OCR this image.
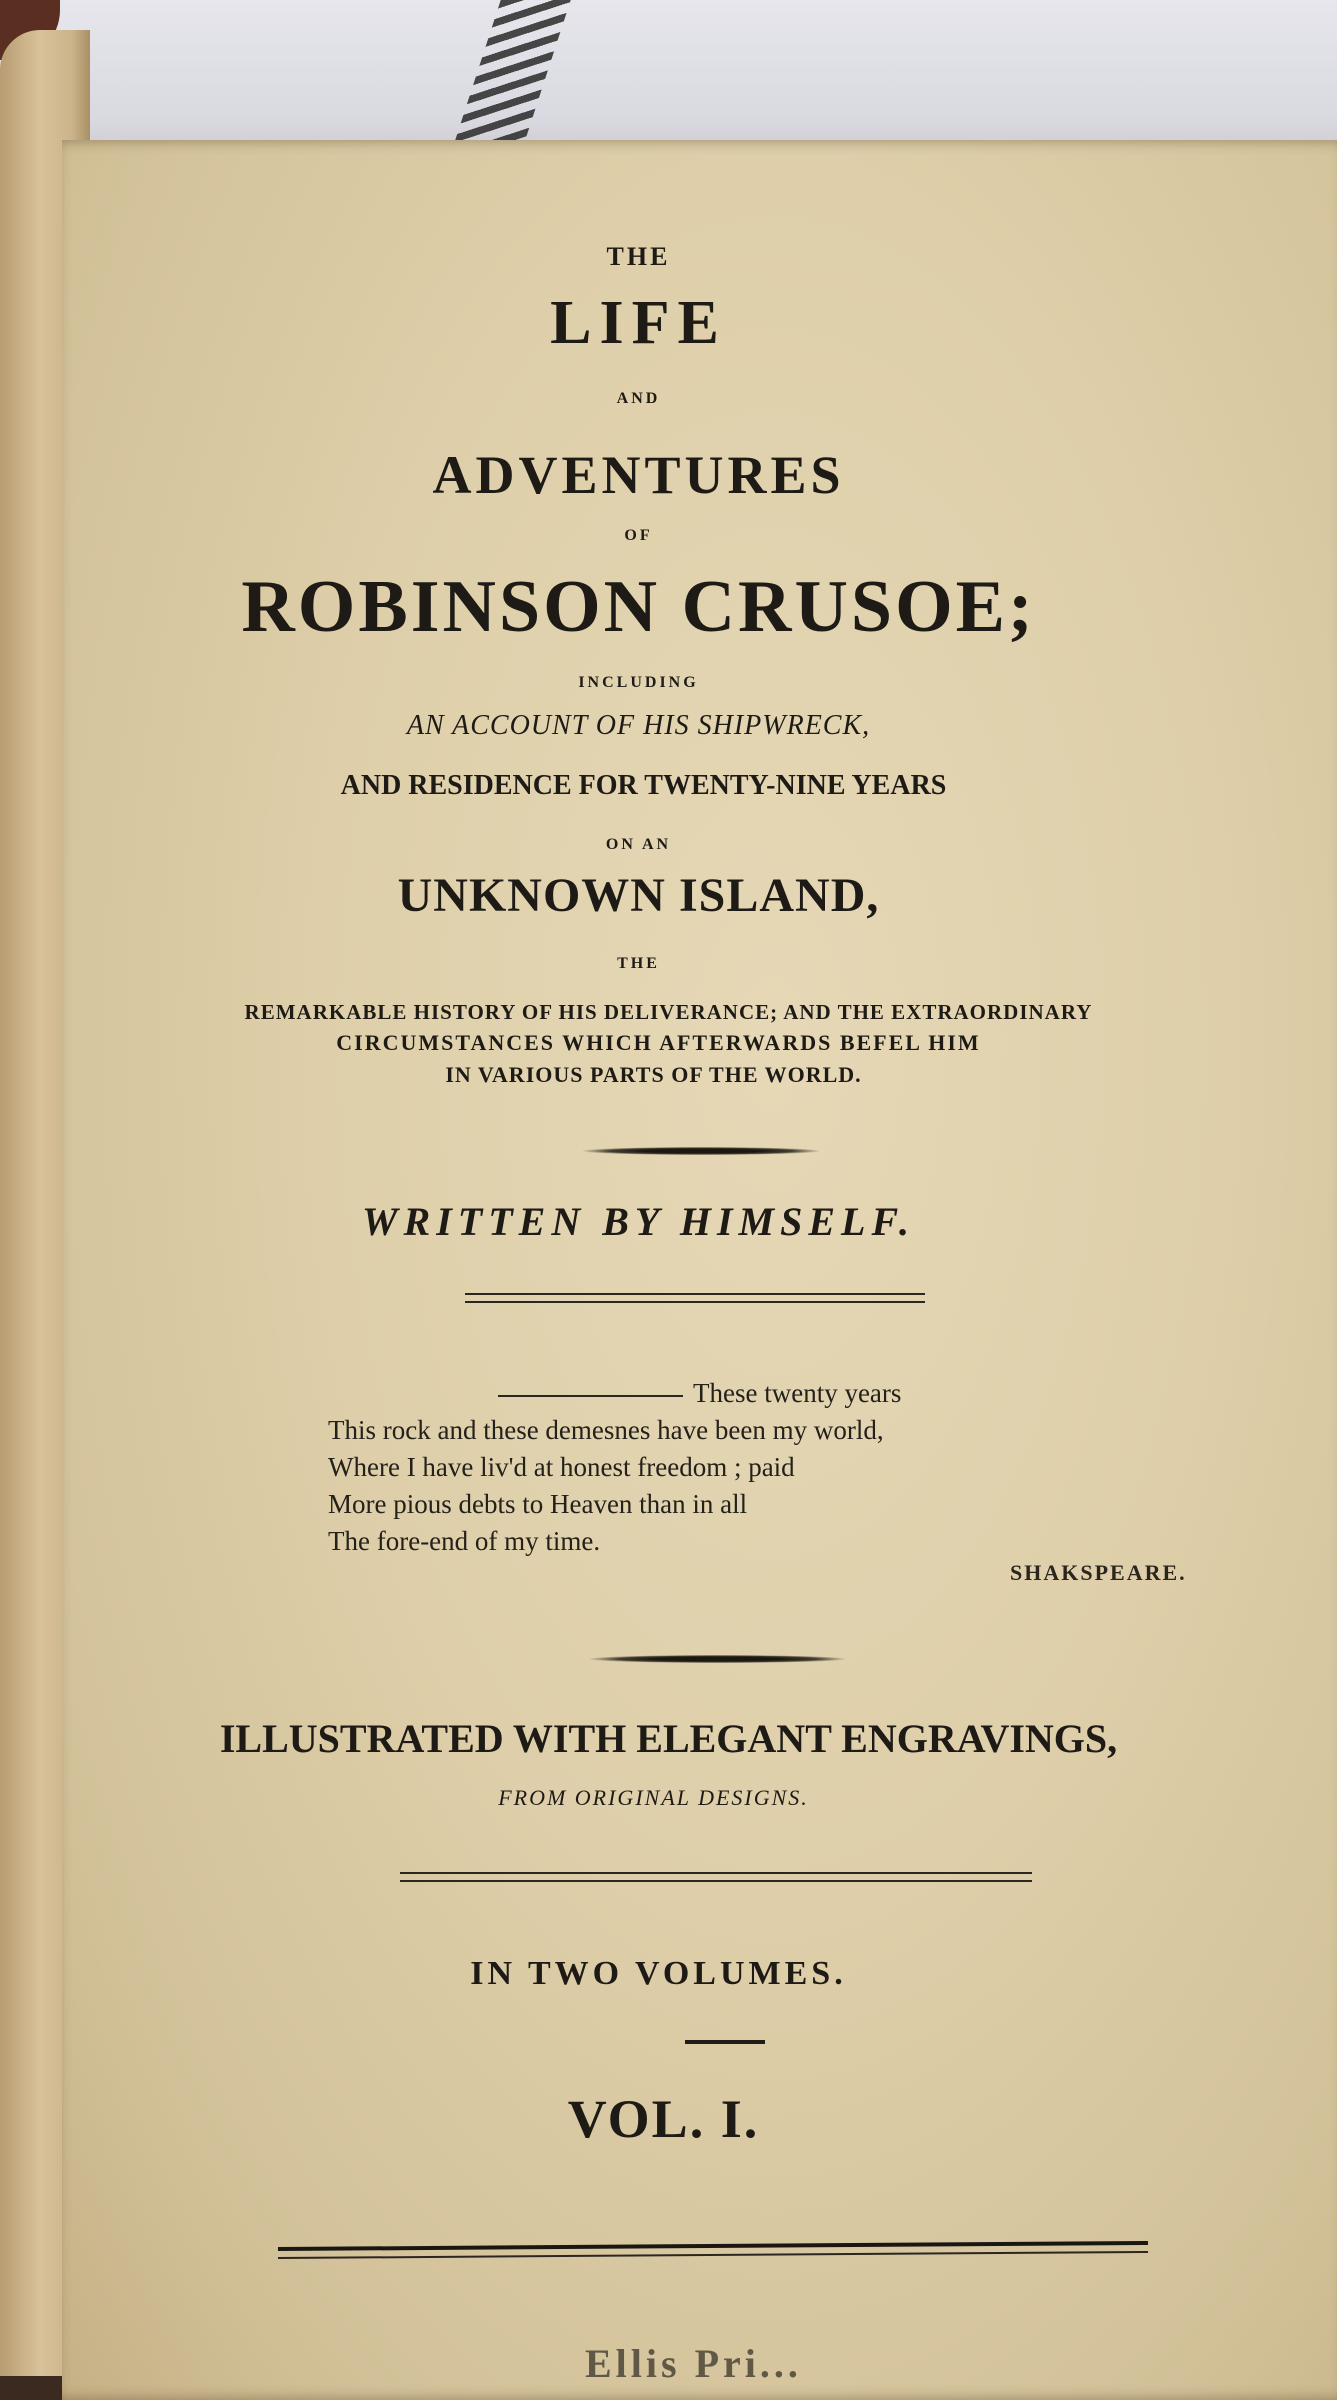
THE
LIFE
AND
ADVENTURES
OF
ROBINSON CRUSOE;
INCLUDING
AN ACCOUNT OF HIS SHIPWRECK,
AND RESIDENCE FOR TWENTY-NINE YEARS
ON AN
UNKNOWN ISLAND,
THE
REMARKABLE HISTORY OF HIS DELIVERANCE; AND THE EXTRAORDINARY
CIRCUMSTANCES WHICH AFTERWARDS BEFEL HIM
IN VARIOUS PARTS OF THE WORLD.
WRITTEN BY HIMSELF.
These twenty years
This rock and these demesnes have been my world,
Where I have liv'd at honest freedom ; paid
More pious debts to Heaven than in all
The fore-end of my time.
SHAKSPEARE.
ILLUSTRATED WITH ELEGANT ENGRAVINGS,
FROM ORIGINAL DESIGNS.
IN TWO VOLUMES.
VOL. I.
Ellis Pri...
